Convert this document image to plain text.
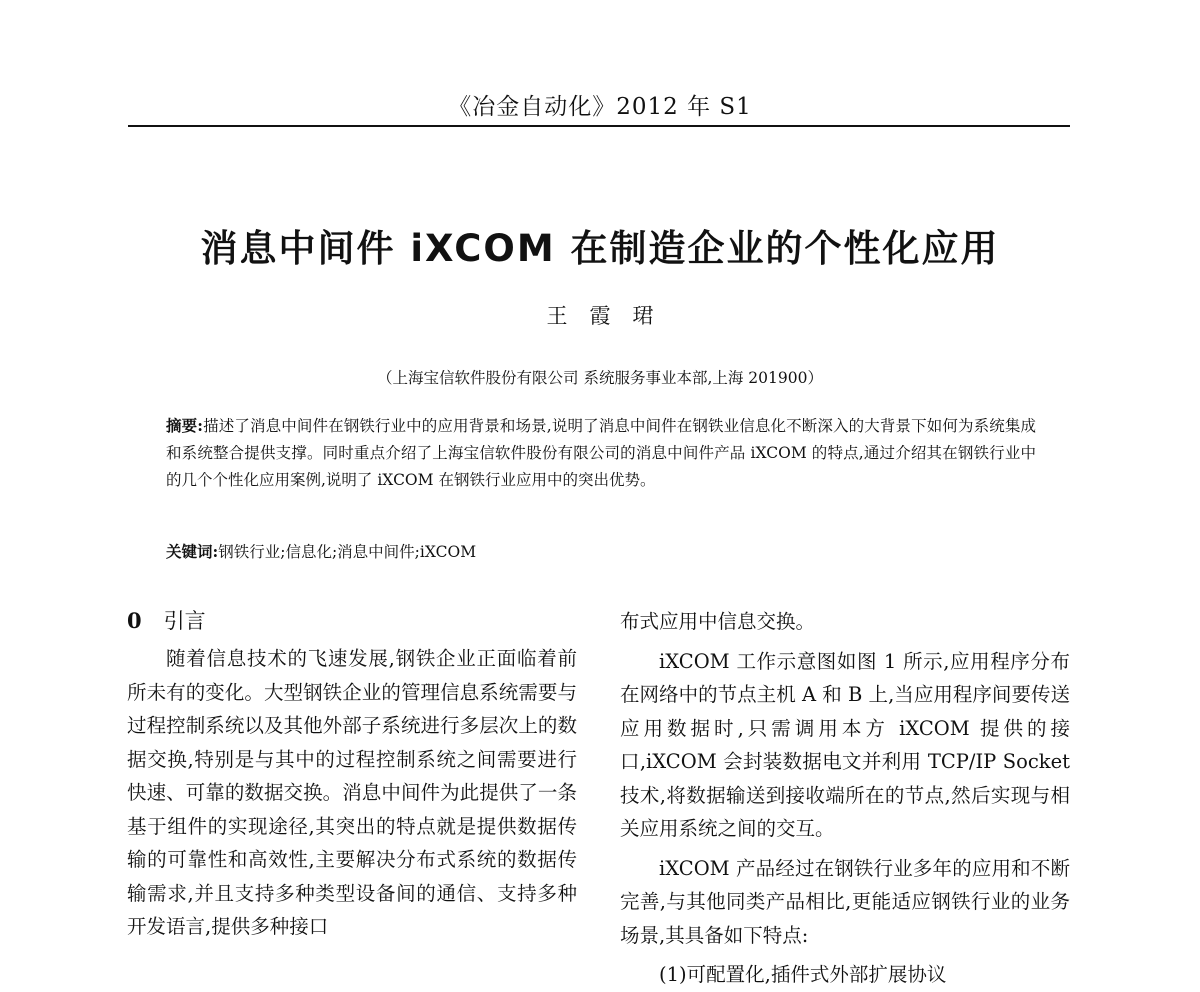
《冶金自动化》2012 年 S1
消息中间件 iXCOM 在制造企业的个性化应用
王霞珺
（上海宝信软件股份有限公司 系统服务事业本部,上海 201900）
摘要:描述了消息中间件在钢铁行业中的应用背景和场景,说明了消息中间件在钢铁业信息化不断深入的大背景下如何为系统集成和系统整合提供支撑。同时重点介绍了上海宝信软件股份有限公司的消息中间件产品 iXCOM 的特点,通过介绍其在钢铁行业中的几个个性化应用案例,说明了 iXCOM 在钢铁行业应用中的突出优势。
关键词:钢铁行业;信息化;消息中间件;iXCOM
0 引言

随着信息技术的飞速发展,钢铁企业正面临着前所未有的变化。大型钢铁企业的管理信息系统需要与过程控制系统以及其他外部子系统进行多层次上的数据交换,特别是与其中的过程控制系统之间需要进行快速、可靠的数据交换。消息中间件为此提供了一条基于组件的实现途径,其突出的特点就是提供数据传输的可靠性和高效性,主要解决分布式系统的数据传输需求,并且支持多种类型设备间的通信、支持多种开发语言,提供多种接口

布式应用中信息交换。

iXCOM 工作示意图如图 1 所示,应用程序分布在网络中的节点主机 A 和 B 上,当应用程序间要传送应用数据时,只需调用本方 iXCOM 提供的接口,iXCOM 会封装数据电文并利用 TCP/IP Socket 技术,将数据输送到接收端所在的节点,然后实现与相关应用系统之间的交互。

iXCOM 产品经过在钢铁行业多年的应用和不断完善,与其他同类产品相比,更能适应钢铁行业的业务场景,其具备如下特点:

(1)可配置化,插件式外部扩展协议
